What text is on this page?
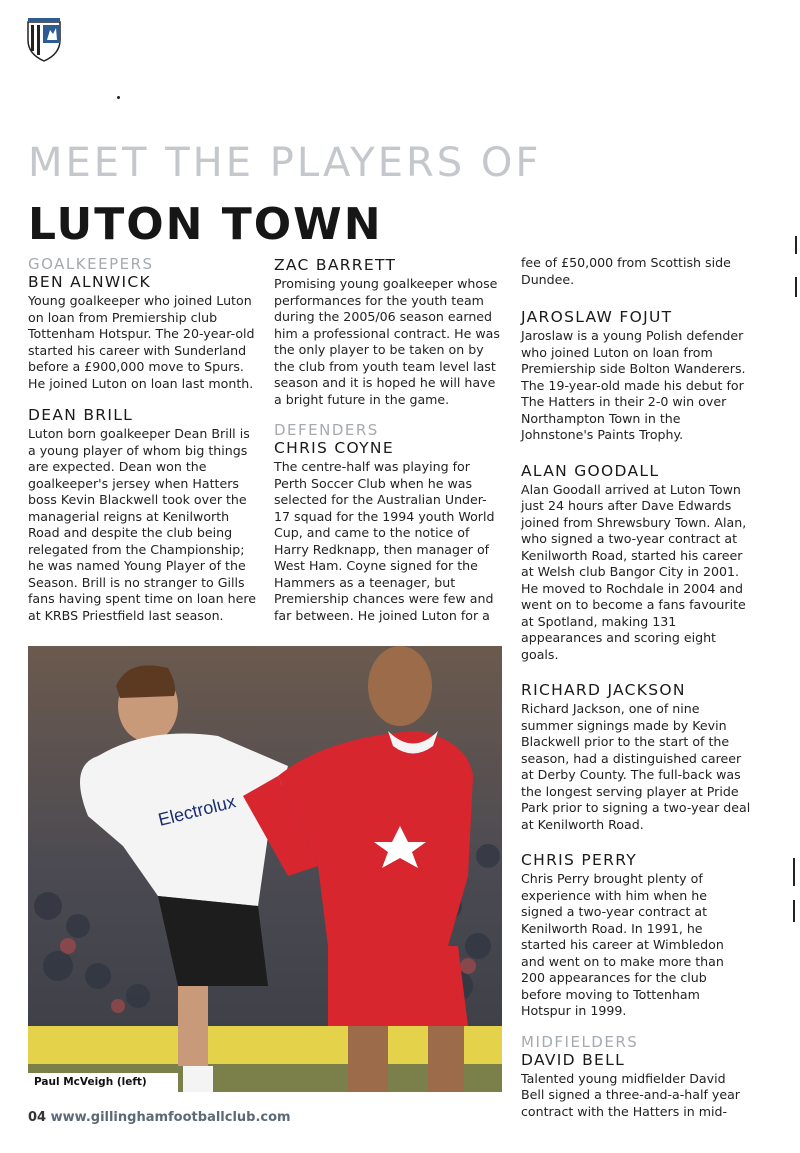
MEET THE PLAYERS OF
LUTON TOWN

GOALKEEPERS

BEN ALNWICK

Young goalkeeper who joined Luton on loan from Premiership club Tottenham Hotspur. The 20-year-old started his career with Sunderland before a £900,000 move to Spurs. He joined Luton on loan last month.

DEAN BRILL

Luton born goalkeeper Dean Brill is a young player of whom big things are expected. Dean won the goalkeeper's jersey when Hatters boss Kevin Blackwell took over the managerial reigns at Kenilworth Road and despite the club being relegated from the Championship; he was named Young Player of the Season. Brill is no stranger to Gills fans having spent time on loan here at KRBS Priestfield last season.

ZAC BARRETT

Promising young goalkeeper whose performances for the youth team during the 2005/06 season earned him a professional contract. He was the only player to be taken on by the club from youth team level last season and it is hoped he will have a bright future in the game.

DEFENDERS

CHRIS COYNE

The centre-half was playing for Perth Soccer Club when he was selected for the Australian Under-17 squad for the 1994 youth World Cup, and came to the notice of Harry Redknapp, then manager of West Ham. Coyne signed for the Hammers as a teenager, but Premiership chances were few and far between. He joined Luton for a

fee of £50,000 from Scottish side Dundee.

JAROSLAW FOJUT

Jaroslaw is a young Polish defender who joined Luton on loan from Premiership side Bolton Wanderers. The 19-year-old made his debut for The Hatters in their 2-0 win over Northampton Town in the Johnstone's Paints Trophy.

ALAN GOODALL

Alan Goodall arrived at Luton Town just 24 hours after Dave Edwards joined from Shrewsbury Town. Alan, who signed a two-year contract at Kenilworth Road, started his career at Welsh club Bangor City in 2001. He moved to Rochdale in 2004 and went on to become a fans favourite at Spotland, making 131 appearances and scoring eight goals.

RICHARD JACKSON

Richard Jackson, one of nine summer signings made by Kevin Blackwell prior to the start of the season, had a distinguished career at Derby County. The full-back was the longest serving player at Pride Park prior to signing a two-year deal at Kenilworth Road.

CHRIS PERRY

Chris Perry brought plenty of experience with him when he signed a two-year contract at Kenilworth Road. In 1991, he started his career at Wimbledon and went on to make more than 200 appearances for the club before moving to Tottenham Hotspur in 1999.

MIDFIELDERS

DAVID BELL

Talented young midfielder David Bell signed a three-and-a-half year contract with the Hatters in mid-

Electrolux
Paul McVeigh (left)
04 www.gillinghamfootballclub.com
